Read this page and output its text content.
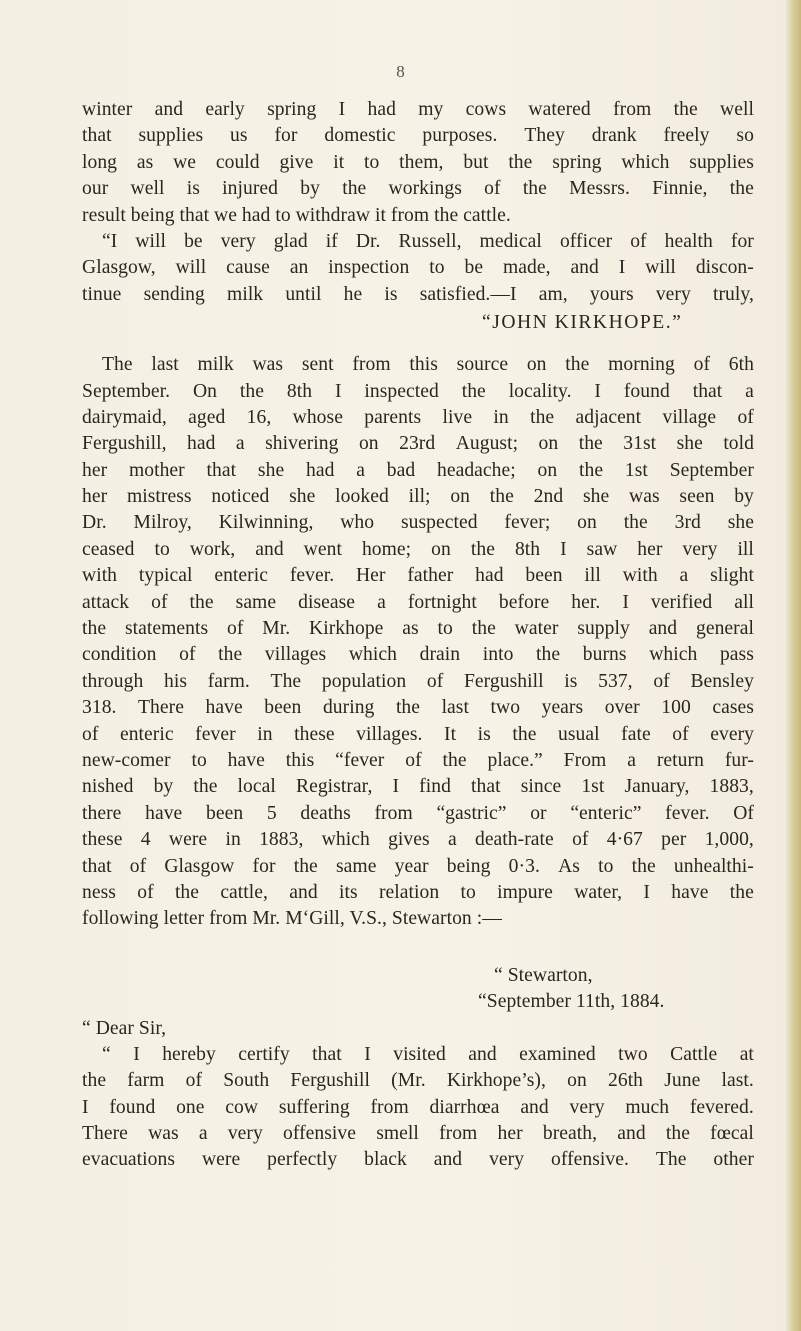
8
winter and early spring I had my cows watered from the well
that supplies us for domestic purposes. They drank freely so
long as we could give it to them, but the spring which supplies
our well is injured by the workings of the Messrs. Finnie, the
result being that we had to withdraw it from the cattle.
“I will be very glad if Dr. Russell, medical officer of health for
Glasgow, will cause an inspection to be made, and I will discon-
tinue sending milk until he is satisfied.—I am, yours very truly,
“JOHN KIRKHOPE.”
The last milk was sent from this source on the morning of 6th
September. On the 8th I inspected the locality. I found that a
dairymaid, aged 16, whose parents live in the adjacent village of
Fergushill, had a shivering on 23rd August; on the 31st she told
her mother that she had a bad headache; on the 1st September
her mistress noticed she looked ill; on the 2nd she was seen by
Dr. Milroy, Kilwinning, who suspected fever; on the 3rd she
ceased to work, and went home; on the 8th I saw her very ill
with typical enteric fever. Her father had been ill with a slight
attack of the same disease a fortnight before her. I verified all
the statements of Mr. Kirkhope as to the water supply and general
condition of the villages which drain into the burns which pass
through his farm. The population of Fergushill is 537, of Bensley
318. There have been during the last two years over 100 cases
of enteric fever in these villages. It is the usual fate of every
new-comer to have this “fever of the place.” From a return fur-
nished by the local Registrar, I find that since 1st January, 1883,
there have been 5 deaths from “gastric” or “enteric” fever. Of
these 4 were in 1883, which gives a death-rate of 4·67 per 1,000,
that of Glasgow for the same year being 0·3. As to the unhealthi-
ness of the cattle, and its relation to impure water, I have the
following letter from Mr. M‘Gill, V.S., Stewarton :—
“ Stewarton,
“September 11th, 1884.
“ Dear Sir,
“ I hereby certify that I visited and examined two Cattle at
the farm of South Fergushill (Mr. Kirkhope’s), on 26th June last.
I found one cow suffering from diarrhœa and very much fevered.
There was a very offensive smell from her breath, and the fœcal
evacuations were perfectly black and very offensive. The other
